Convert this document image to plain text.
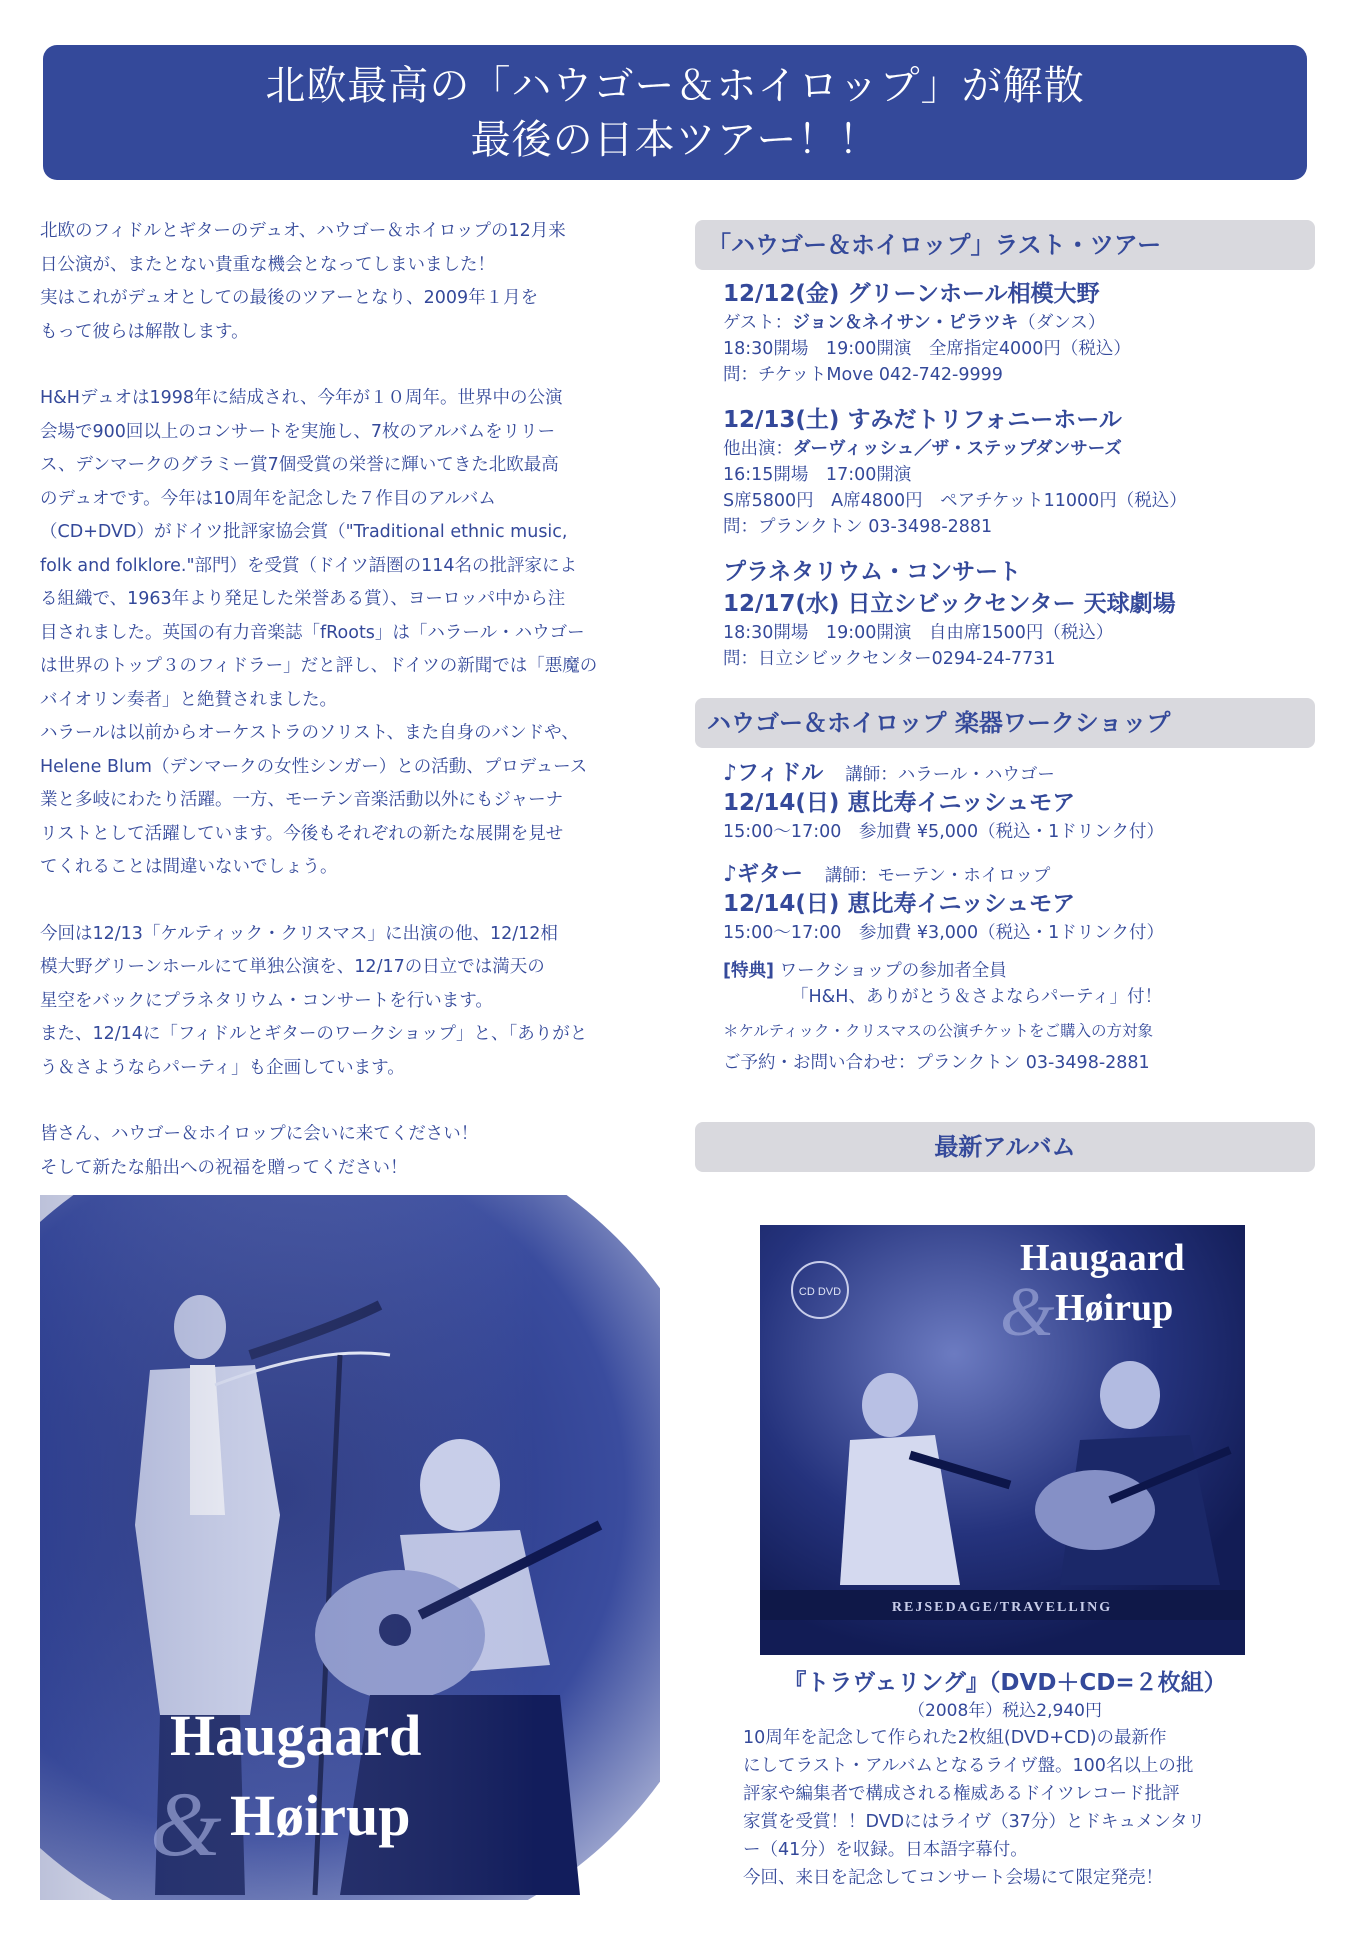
北欧最高の「ハウゴー＆ホイロップ」が解散
最後の日本ツアー！！
北欧のフィドルとギターのデュオ、ハウゴー＆ホイロップの12月来
日公演が、またとない貴重な機会となってしまいました！
実はこれがデュオとしての最後のツアーとなり、2009年１月を
もって彼らは解散します。
H&Hデュオは1998年に結成され、今年が１０周年。世界中の公演
会場で900回以上のコンサートを実施し、7枚のアルバムをリリー
ス、デンマークのグラミー賞7個受賞の栄誉に輝いてきた北欧最高
のデュオです。今年は10周年を記念した７作目のアルバム
（CD+DVD）がドイツ批評家協会賞（"Traditional ethnic music,
folk and folklore."部門）を受賞（ドイツ語圏の114名の批評家によ
る組織で、1963年より発足した栄誉ある賞）、ヨーロッパ中から注
目されました。英国の有力音楽誌「fRoots」は「ハラール・ハウゴー
は世界のトップ３のフィドラー」だと評し、ドイツの新聞では「悪魔の
バイオリン奏者」と絶賛されました。
ハラールは以前からオーケストラのソリスト、また自身のバンドや、
Helene Blum（デンマークの女性シンガー）との活動、プロデュース
業と多岐にわたり活躍。一方、モーテン音楽活動以外にもジャーナ
リストとして活躍しています。今後もそれぞれの新たな展開を見せ
てくれることは間違いないでしょう。
今回は12/13「ケルティック・クリスマス」に出演の他、12/12相
模大野グリーンホールにて単独公演を、12/17の日立では満天の
星空をバックにプラネタリウム・コンサートを行います。
また、12/14に「フィドルとギターのワークショップ」と、「ありがと
う＆さようならパーティ」も企画しています。
皆さん、ハウゴー＆ホイロップに会いに来てください！
そして新たな船出への祝福を贈ってください！
「ハウゴー＆ホイロップ」ラスト・ツアー
12/12(金) グリーンホール相模大野
ゲスト：ジョン＆ネイサン・ピラツキ（ダンス）
18:30開場　19:00開演　全席指定4000円（税込）
問：チケットMove 042-742-9999
12/13(土) すみだトリフォニーホール
他出演：ダーヴィッシュ／ザ・ステップダンサーズ
16:15開場　17:00開演
S席5800円　A席4800円　ペアチケット11000円（税込）
問：プランクトン 03-3498-2881
プラネタリウム・コンサート
12/17(水) 日立シビックセンター 天球劇場
18:30開場　19:00開演　自由席1500円（税込）
問：日立シビックセンター0294-24-7731
ハウゴー＆ホイロップ 楽器ワークショップ
♪フィドル 講師：ハラール・ハウゴー
12/14(日) 恵比寿イニッシュモア
15:00〜17:00　参加費 ¥5,000（税込・1ドリンク付）
♪ギター 講師：モーテン・ホイロップ
12/14(日) 恵比寿イニッシュモア
15:00〜17:00　参加費 ¥3,000（税込・1ドリンク付）
[特典] ワークショップの参加者全員
「H&H、ありがとう＆さよならパーティ」付！
＊ケルティック・クリスマスの公演チケットをご購入の方対象
ご予約・お問い合わせ：プランクトン 03-3498-2881
最新アルバム
Haugaard
& Høirup
CD DVD
Haugaard
& Høirup
REJSEDAGE/TRAVELLING
『トラヴェリング』（DVD＋CD=２枚組）
（2008年）税込2,940円
10周年を記念して作られた2枚組(DVD+CD)の最新作
にしてラスト・アルバムとなるライヴ盤。100名以上の批
評家や編集者で構成される権威あるドイツレコード批評
家賞を受賞！！DVDにはライヴ（37分）とドキュメンタリ
ー（41分）を収録。日本語字幕付。
今回、来日を記念してコンサート会場にて限定発売！
